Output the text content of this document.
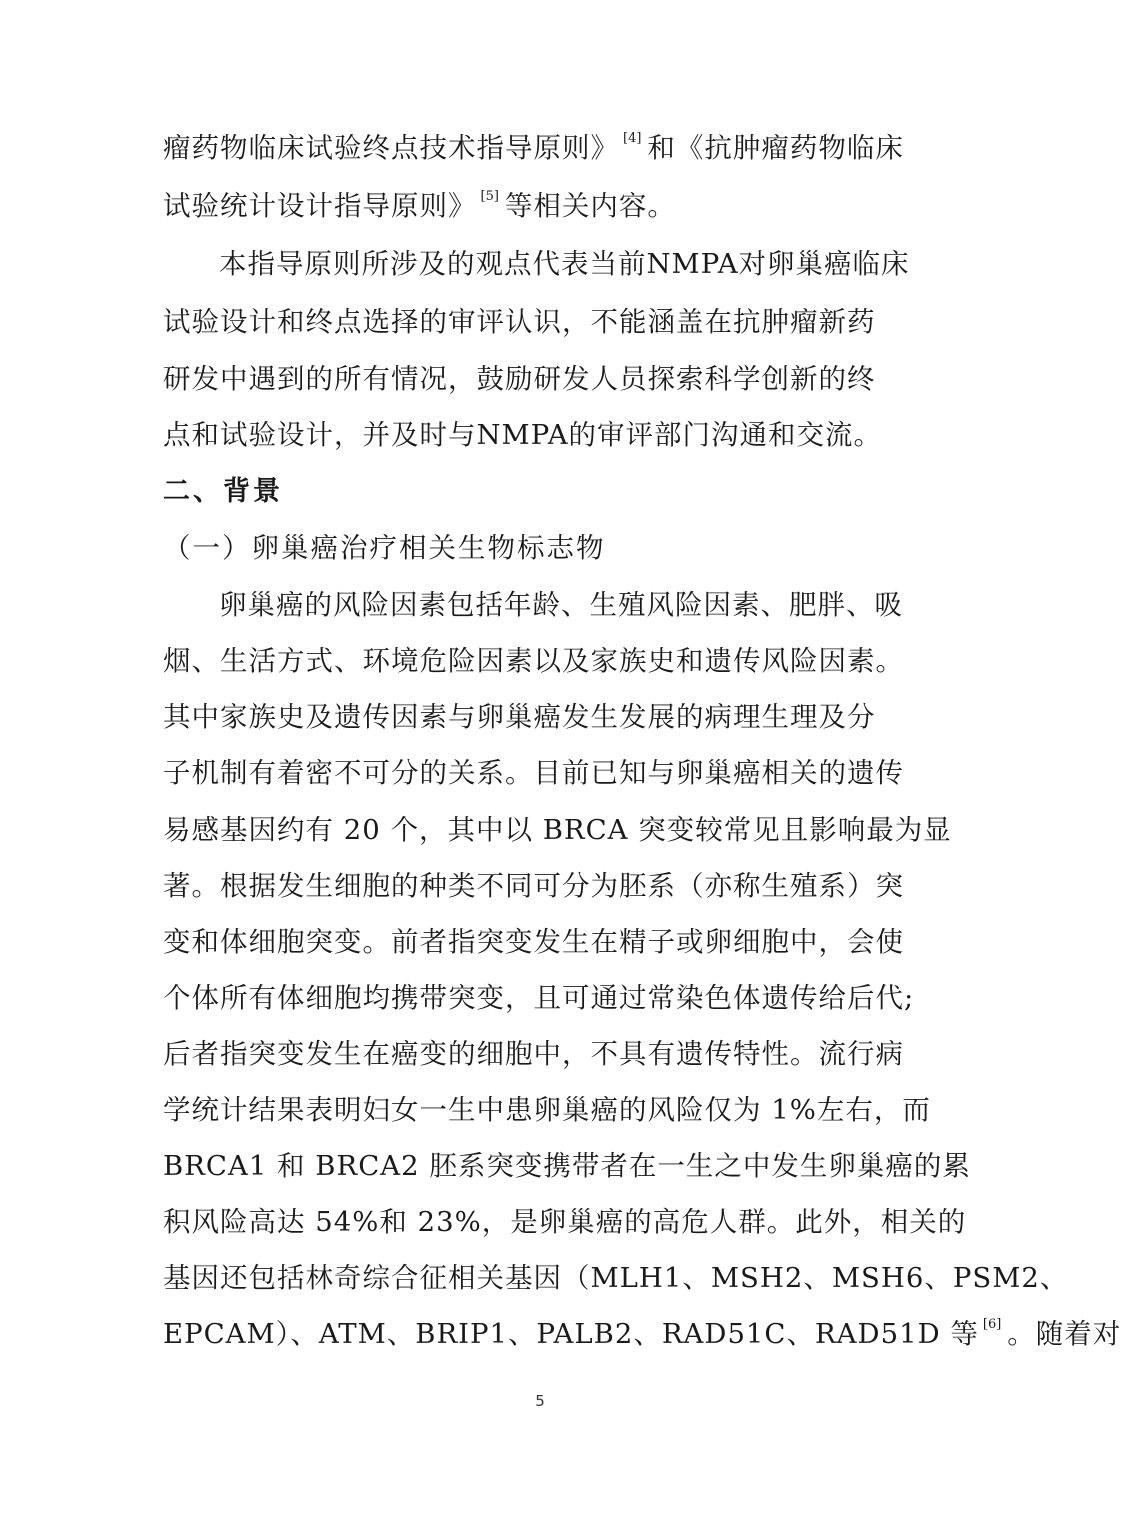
瘤药物临床试验终点技术指导原则》 [4] 和《抗肿瘤药物临床
试验统计设计指导原则》 [5] 等相关内容。
本指导原则所涉及的观点代表当前NMPA对卵巢癌临床
试验设计和终点选择的审评认识，不能涵盖在抗肿瘤新药
研发中遇到的所有情况，鼓励研发人员探索科学创新的终
点和试验设计，并及时与NMPA的审评部门沟通和交流。
二、背景
（一）卵巢癌治疗相关生物标志物
卵巢癌的风险因素包括年龄、生殖风险因素、肥胖、吸
烟、生活方式、环境危险因素以及家族史和遗传风险因素。
其中家族史及遗传因素与卵巢癌发生发展的病理生理及分
子机制有着密不可分的关系。目前已知与卵巢癌相关的遗传
易感基因约有 20 个，其中以 BRCA 突变较常见且影响最为显
著。根据发生细胞的种类不同可分为胚系（亦称生殖系）突
变和体细胞突变。前者指突变发生在精子或卵细胞中，会使
个体所有体细胞均携带突变，且可通过常染色体遗传给后代;
后者指突变发生在癌变的细胞中，不具有遗传特性。流行病
学统计结果表明妇女一生中患卵巢癌的风险仅为 1%左右，而
BRCA1 和 BRCA2 胚系突变携带者在一生之中发生卵巢癌的累
积风险高达 54%和 23%，是卵巢癌的高危人群。此外，相关的
基因还包括林奇综合征相关基因（MLH1、MSH2、MSH6、PSM2、
EPCAM）、ATM、BRIP1、PALB2、RAD51C、RAD51D 等 [6] 。随着对
5
